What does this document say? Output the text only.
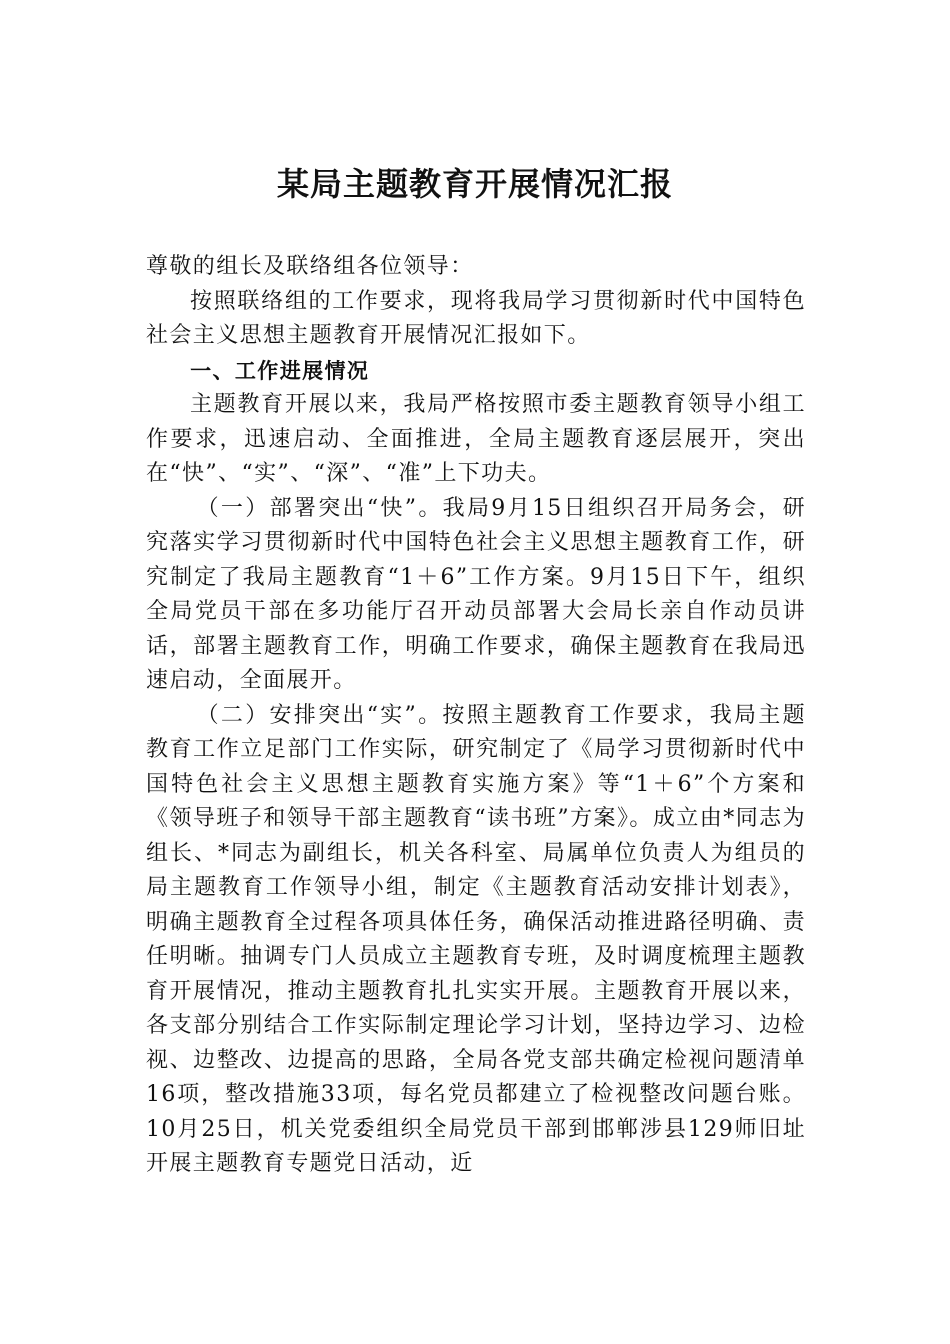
某局主题教育开展情况汇报

尊敬的组长及联络组各位领导：

按照联络组的工作要求，现将我局学习贯彻新时代中国特色社会主义思想主题教育开展情况汇报如下。

一、工作进展情况

主题教育开展以来，我局严格按照市委主题教育领导小组工作要求，迅速启动、全面推进，全局主题教育逐层展开，突出在“快”、“实”、“深”、“准”上下功夫。

（一）部署突出“快”。我局9月15日组织召开局务会，研究落实学习贯彻新时代中国特色社会主义思想主题教育工作，研究制定了我局主题教育“1＋6”工作方案。9月15日下午，组织全局党员干部在多功能厅召开动员部署大会局长亲自作动员讲话，部署主题教育工作，明确工作要求，确保主题教育在我局迅速启动，全面展开。

（二）安排突出“实”。按照主题教育工作要求，我局主题教育工作立足部门工作实际，研究制定了《局学习贯彻新时代中国特色社会主义思想主题教育实施方案》等“1＋6”个方案和《领导班子和领导干部主题教育“读书班”方案》。成立由*同志为组长、*同志为副组长，机关各科室、局属单位负责人为组员的局主题教育工作领导小组，制定《主题教育活动安排计划表》，明确主题教育全过程各项具体任务，确保活动推进路径明确、责任明晰。抽调专门人员成立主题教育专班，及时调度梳理主题教育开展情况，推动主题教育扎扎实实开展。主题教育开展以来，各支部分别结合工作实际制定理论学习计划，坚持边学习、边检视、边整改、边提高的思路，全局各党支部共确定检视问题清单16项，整改措施33项，每名党员都建立了检视整改问题台账。10月25日，机关党委组织全局党员干部到邯郸涉县129师旧址开展主题教育专题党日活动，近
